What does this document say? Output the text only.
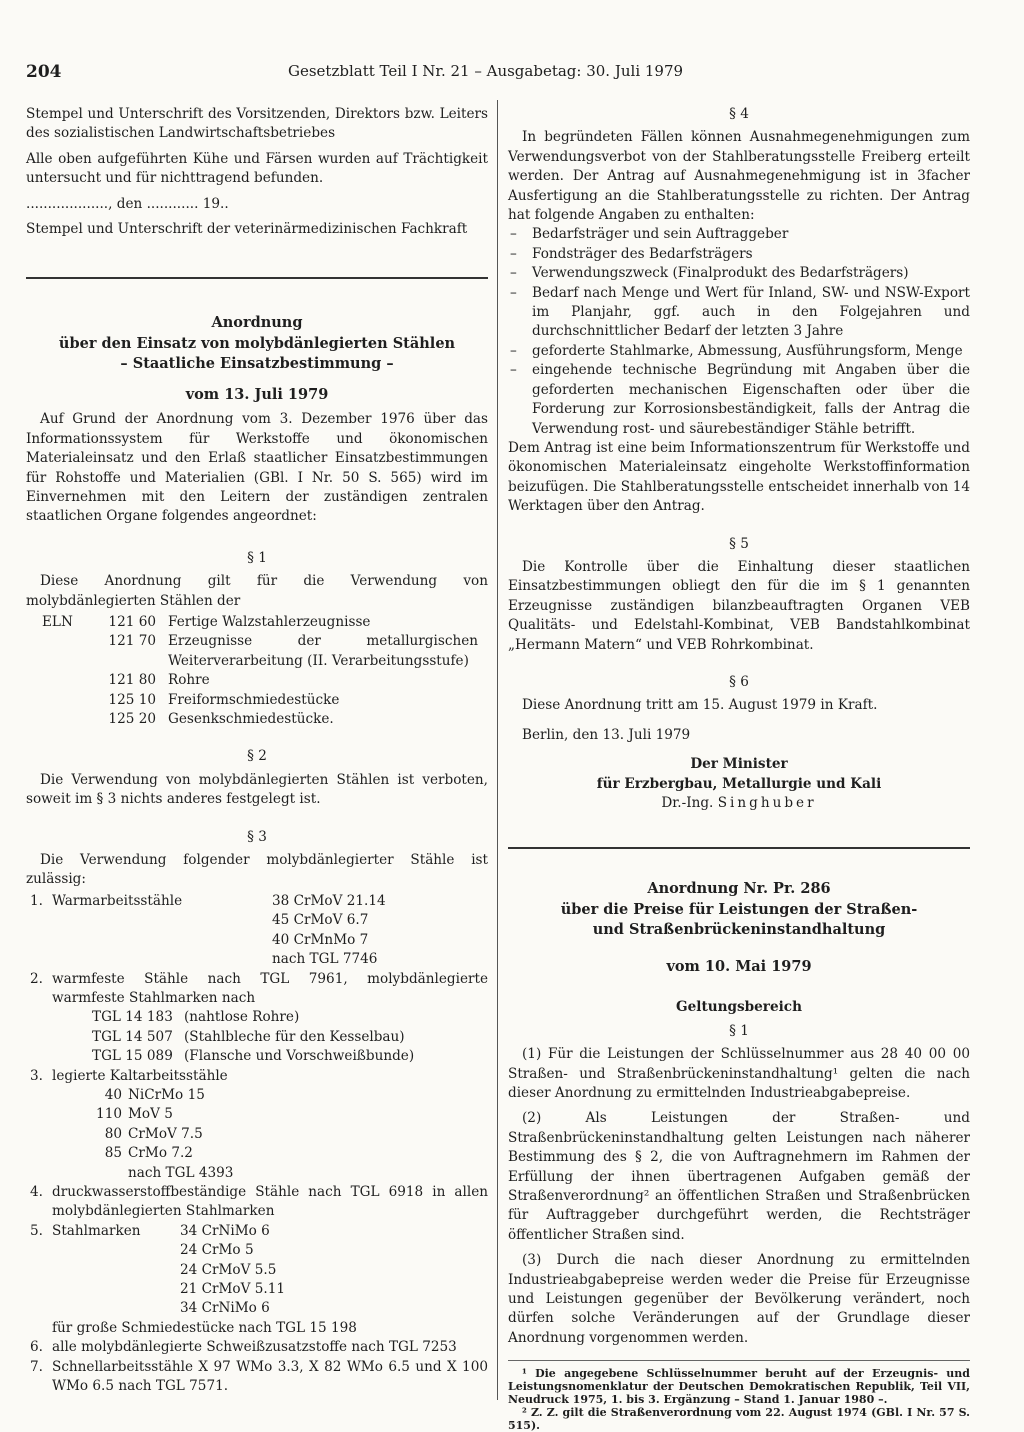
204	Gesetzblatt Teil I Nr. 21 – Ausgabetag: 30. Juli 1979

Stempel und Unterschrift des Vorsitzenden, Direktors bzw. Leiters des sozialistischen Landwirtschaftsbetriebes

Alle oben aufgeführten Kühe und Färsen wurden auf Trächtigkeit untersucht und für nichttragend befunden.

..................., den ............ 19..

Stempel und Unterschrift der veterinärmedizinischen Fachkraft

Anordnung
über den Einsatz von molybdänlegierten Stählen
– Staatliche Einsatzbestimmung –
vom 13. Juli 1979

Auf Grund der Anordnung vom 3. Dezember 1976 über das Informationssystem für Werkstoffe und ökonomischen Materialeinsatz und den Erlaß staatlicher Einsatzbestimmungen für Rohstoffe und Materialien (GBl. I Nr. 50 S. 565) wird im Einvernehmen mit den Leitern der zuständigen zentralen staatlichen Organe folgendes angeordnet:

§ 1

Diese Anordnung gilt für die Verwendung von molybdänlegierten Stählen der

ELN	121 60	Fertige Walzstahlerzeugnisse
	121 70	Erzeugnisse der metallurgischen Weiterverarbeitung (II. Verarbeitungsstufe)
	121 80	Rohre
	125 10	Freiformschmiedestücke
	125 20	Gesenkschmiedestücke.
§ 2

Die Verwendung von molybdänlegierten Stählen ist verboten, soweit im § 3 nichts anderes festgelegt ist.

§ 3

Die Verwendung folgender molybdänlegierter Stähle ist zulässig:

1.	Warmarbeitsstähle	38 CrMoV 21.14
45 CrMoV 6.7
40 CrMnMo 7
nach TGL 7746

2.	warmfeste Stähle nach TGL 7961, molybdänlegierte warmfeste Stahlmarken nach
TGL 14 183	(nahtlose Rohre)
TGL 14 507	(Stahlbleche für den Kesselbau)
TGL 15 089	(Flansche und Vorschweißbunde)

3.	legierte Kaltarbeitsstähle
40	NiCrMo 15
110	MoV 5
80	CrMoV 7.5
85	CrMo 7.2
	nach TGL 4393

4.	druckwasserstoffbeständige Stähle nach TGL 6918 in allen molybdänlegierten Stahlmarken
5.	Stahlmarken	34 CrNiMo 6
24 CrMo 5
24 CrMoV 5.5
21 CrMoV 5.11
34 CrNiMo 6
für große Schmiedestücke nach TGL 15 198

6.	alle molybdänlegierte Schweißzusatzstoffe nach TGL 7253
7.	Schnellarbeitsstähle X 97 WMo 3.3, X 82 WMo 6.5 und X 100 WMo 6.5 nach TGL 7571.
§ 4

In begründeten Fällen können Ausnahmegenehmigungen zum Verwendungsverbot von der Stahlberatungsstelle Freiberg erteilt werden. Der Antrag auf Ausnahmegenehmigung ist in 3facher Ausfertigung an die Stahlberatungsstelle zu richten. Der Antrag hat folgende Angaben zu enthalten:

– Bedarfsträger und sein Auftraggeber
– Fondsträger des Bedarfsträgers
– Verwendungszweck (Finalprodukt des Bedarfsträgers)
– Bedarf nach Menge und Wert für Inland, SW- und NSW-Export im Planjahr, ggf. auch in den Folgejahren und durchschnittlicher Bedarf der letzten 3 Jahre
– geforderte Stahlmarke, Abmessung, Ausführungsform, Menge
– eingehende technische Begründung mit Angaben über die geforderten mechanischen Eigenschaften oder über die Forderung zur Korrosionsbeständigkeit, falls der Antrag die Verwendung rost- und säurebeständiger Stähle betrifft.

Dem Antrag ist eine beim Informationszentrum für Werkstoffe und ökonomischen Materialeinsatz eingeholte Werkstoffinformation beizufügen. Die Stahlberatungsstelle entscheidet innerhalb von 14 Werktagen über den Antrag.

§ 5

Die Kontrolle über die Einhaltung dieser staatlichen Einsatzbestimmungen obliegt den für die im § 1 genannten Erzeugnisse zuständigen bilanzbeauftragten Organen VEB Qualitäts- und Edelstahl-Kombinat, VEB Bandstahlkombinat „Hermann Matern“ und VEB Rohrkombinat.

§ 6

Diese Anordnung tritt am 15. August 1979 in Kraft.

Berlin, den 13. Juli 1979

Der Minister
für Erzbergbau, Metallurgie und Kali
Dr.-Ing. Singhuber
Anordnung Nr. Pr. 286
über die Preise für Leistungen der Straßen-
und Straßenbrückeninstandhaltung
vom 10. Mai 1979
Geltungsbereich
§ 1

(1) Für die Leistungen der Schlüsselnummer aus 28 40 00 00 Straßen- und Straßenbrückeninstandhaltung¹ gelten die nach dieser Anordnung zu ermittelnden Industrieabgabepreise.

(2) Als Leistungen der Straßen- und Straßenbrückeninstandhaltung gelten Leistungen nach näherer Bestimmung des § 2, die von Auftragnehmern im Rahmen der Erfüllung der ihnen übertragenen Aufgaben gemäß der Straßenverordnung² an öffentlichen Straßen und Straßenbrücken für Auftraggeber durchgeführt werden, die Rechtsträger öffentlicher Straßen sind.

(3) Durch die nach dieser Anordnung zu ermittelnden Industrieabgabepreise werden weder die Preise für Erzeugnisse und Leistungen gegenüber der Bevölkerung verändert, noch dürfen solche Veränderungen auf der Grundlage dieser Anordnung vorgenommen werden.

¹ Die angegebene Schlüsselnummer beruht auf der Erzeugnis- und Leistungsnomenklatur der Deutschen Demokratischen Republik, Teil VII, Neudruck 1975, 1. bis 3. Ergänzung – Stand 1. Januar 1980 –.

² Z. Z. gilt die Straßenverordnung vom 22. August 1974 (GBl. I Nr. 57 S. 515).
